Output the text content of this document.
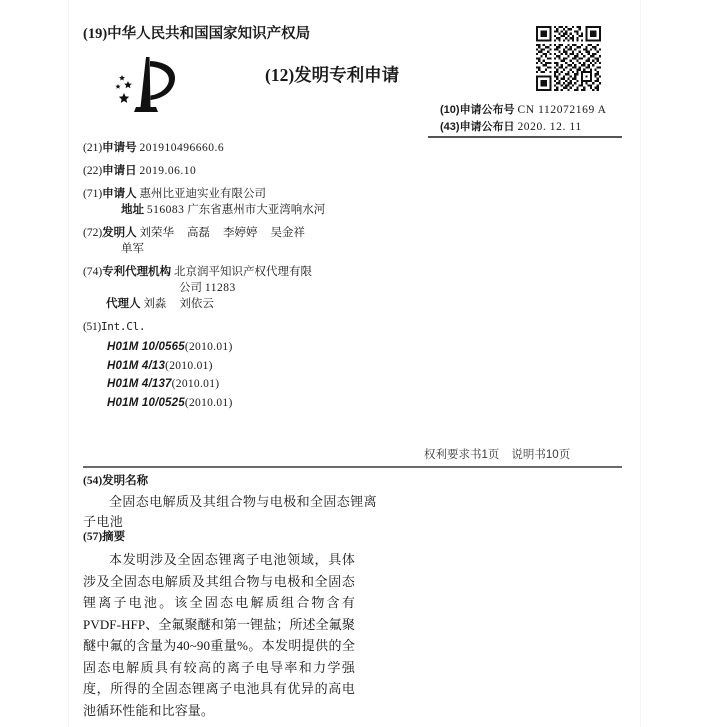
(19)中华人民共和国国家知识产权局
(12)发明专利申请
(10)申请公布号 CN 112072169 A
(43)申请公布日 2020. 12. 11
(21)申请号 201910496660.6
(22)申请日 2019.06.10
(71)申请人 惠州比亚迪实业有限公司
地址 516083 广东省惠州市大亚湾响水河
(72)发明人 刘荣华 高磊 李婷婷 吴金祥
单军
(74)专利代理机构 北京润平知识产权代理有限
公司 11283
代理人 刘淼 刘依云
(51)Int.Cl.
H01M 10/0565(2010.01)
H01M 4/13(2010.01)
H01M 4/137(2010.01)
H01M 10/0525(2010.01)
权利要求书1页 说明书10页
(54)发明名称
全固态电解质及其组合物与电极和全固态锂离子电池
(57)摘要
本发明涉及全固态锂离子电池领域，具体涉及全固态电解质及其组合物与电极和全固态锂离子电池。该全固态电解质组合物含有PVDF-HFP、全氟聚醚和第一锂盐；所述全氟聚醚中氟的含量为40~90重量%。本发明提供的全固态电解质具有较高的离子电导率和力学强度，所得的全固态锂离子电池具有优异的高电池循环性能和比容量。
